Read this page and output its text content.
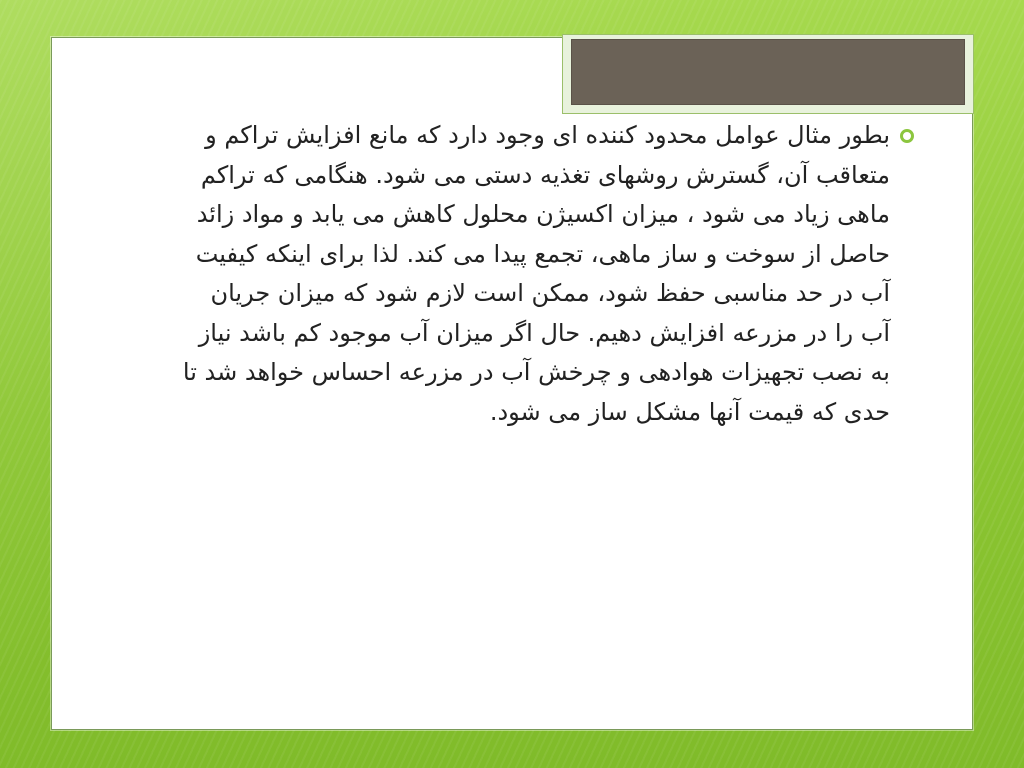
بطور مثال عوامل محدود کننده ای وجود دارد که مانع افزایش تراکم و متعاقب آن، گسترش روشهای تغذیه دستی می شود. هنگامی که تراکم ماهی زیاد می شود ، میزان اکسیژن محلول کاهش می یابد و مواد زائد حاصل از سوخت و ساز ماهی، تجمع پیدا می کند. لذا برای اینکه کیفیت آب در حد مناسبی حفظ شود، ممکن است لازم شود که میزان جریان آب را در مزرعه افزایش دهیم. حال اگر میزان آب موجود کم باشد نیاز به نصب تجهیزات هوادهی و چرخش آب در مزرعه احساس خواهد شد تا حدی که قیمت آنها مشکل ساز می شود.
